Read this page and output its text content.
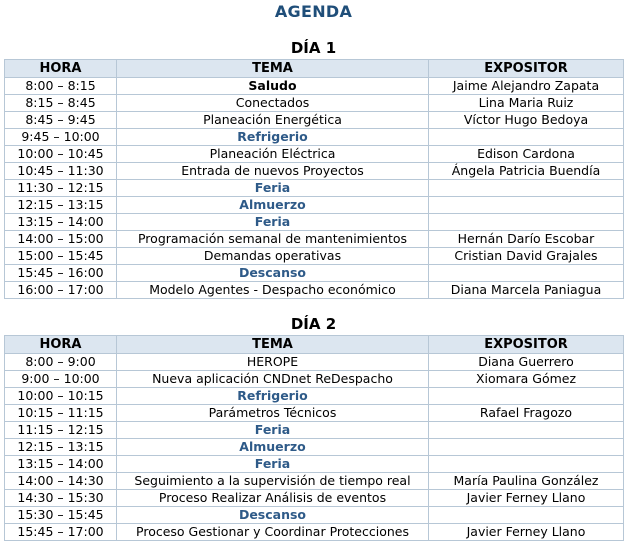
AGENDA
DÍA 1
HORA	TEMA	EXPOSITOR
8:00 – 8:15	Saludo	Jaime Alejandro Zapata
8:15 – 8:45	Conectados	Lina Maria Ruiz
8:45 – 9:45	Planeación Energética	Víctor Hugo Bedoya
9:45 – 10:00	Refrigerio	
10:00 – 10:45	Planeación Eléctrica	Edison Cardona
10:45 – 11:30	Entrada de nuevos Proyectos	Ángela Patricia Buendía
11:30 – 12:15	Feria	
12:15 – 13:15	Almuerzo	
13:15 – 14:00	Feria	
14:00 – 15:00	Programación semanal de mantenimientos	Hernán Darío Escobar
15:00 – 15:45	Demandas operativas	Cristian David Grajales
15:45 – 16:00	Descanso	
16:00 – 17:00	Modelo Agentes - Despacho económico	Diana Marcela Paniagua
DÍA 2
HORA	TEMA	EXPOSITOR
8:00 – 9:00	HEROPE	Diana Guerrero
9:00 – 10:00	Nueva aplicación CNDnet ReDespacho	Xiomara Gómez
10:00 – 10:15	Refrigerio	
10:15 – 11:15	Parámetros Técnicos	Rafael Fragozo
11:15 – 12:15	Feria	
12:15 – 13:15	Almuerzo	
13:15 – 14:00	Feria	
14:00 – 14:30	Seguimiento a la supervisión de tiempo real	María Paulina González
14:30 – 15:30	Proceso Realizar Análisis de eventos	Javier Ferney Llano
15:30 – 15:45	Descanso	
15:45 – 17:00	Proceso Gestionar y Coordinar Protecciones	Javier Ferney Llano
